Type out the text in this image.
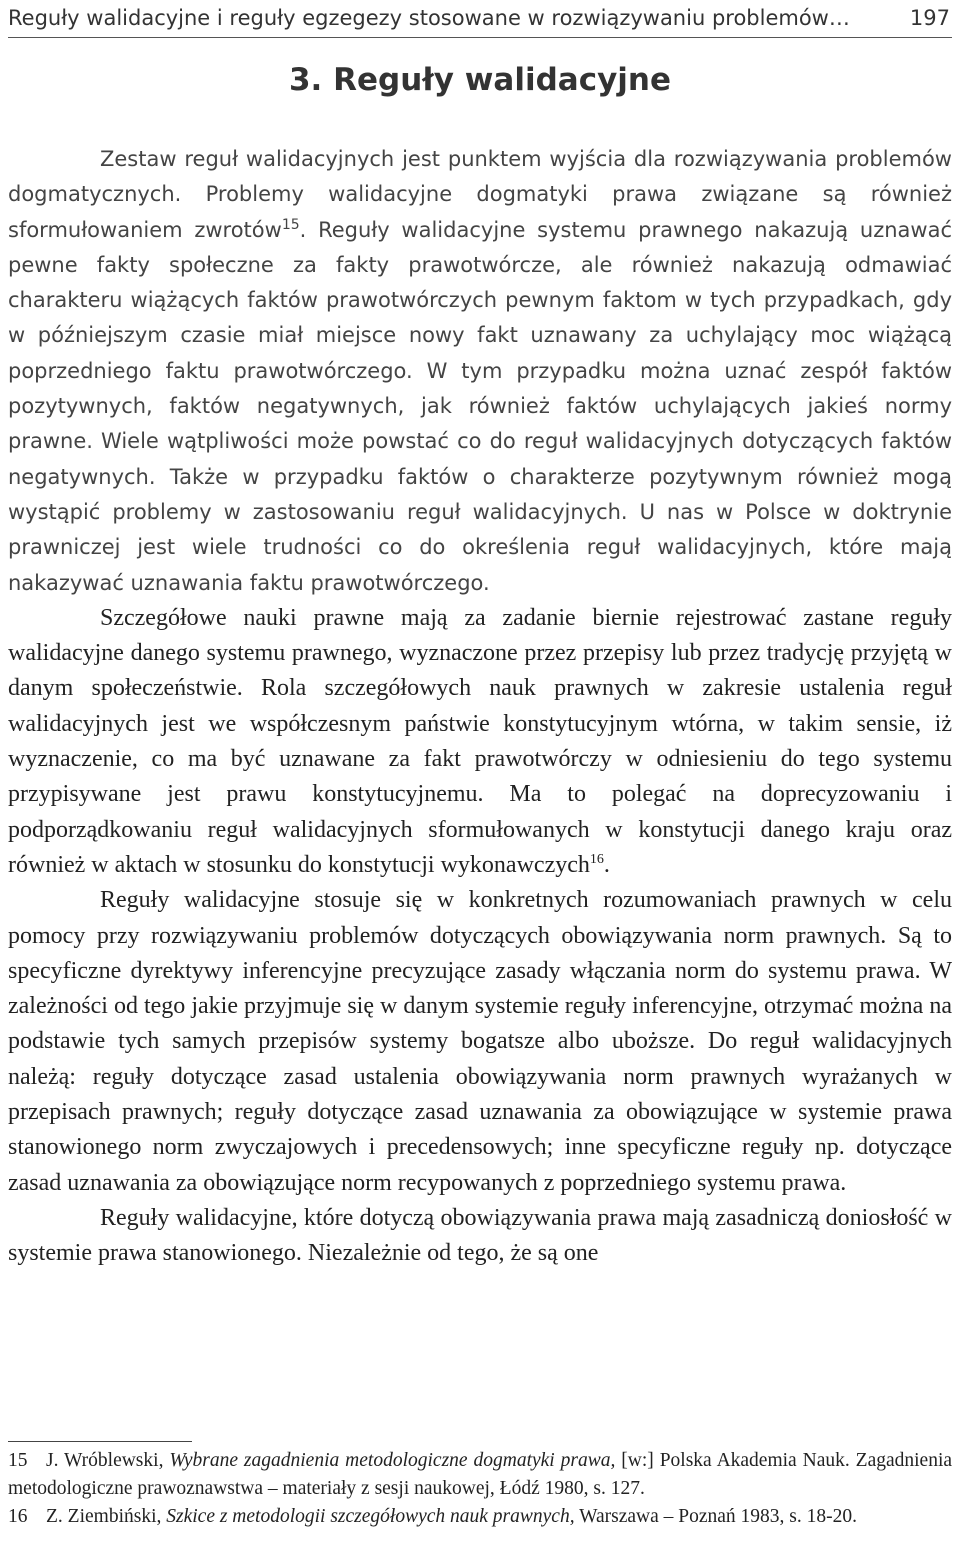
Reguły walidacyjne i reguły egzegezy stosowane w rozwiązywaniu problemów…	197
3. Reguły walidacyjne

Zestaw reguł walidacyjnych jest punktem wyjścia dla rozwiązywania problemów dogmatycznych. Problemy walidacyjne dogmatyki prawa związane są również sformułowaniem zwrotów$^{15}$. Reguły walidacyjne systemu prawnego nakazują uznawać pewne fakty społeczne za fakty prawotwórcze, ale również nakazują odmawiać charakteru wiążących faktów prawotwórczych pewnym faktom w tych przypadkach, gdy w późniejszym czasie miał miejsce nowy fakt uznawany za uchylający moc wiążącą poprzedniego faktu prawotwórczego. W tym przypadku można uznać zespół faktów pozytywnych, faktów negatywnych, jak również faktów uchylających jakieś normy prawne. Wiele wątpliwości może powstać co do reguł walidacyjnych dotyczących faktów negatywnych. Także w przypadku faktów o charakterze pozytywnym również mogą wystąpić problemy w zastosowaniu reguł walidacyjnych. U nas w Polsce w doktrynie prawniczej jest wiele trudności co do określenia reguł walidacyjnych, które mają nakazywać uznawania faktu prawotwórczego.

Szczegółowe nauki prawne mają za zadanie biernie rejestrować zastane reguły walidacyjne danego systemu prawnego, wyznaczone przez przepisy lub przez tradycję przyjętą w danym społeczeństwie. Rola szczegółowych nauk prawnych w zakresie ustalenia reguł walidacyjnych jest we współczesnym państwie konstytucyjnym wtórna, w takim sensie, iż wyznaczenie, co ma być uznawane za fakt prawotwórczy w odniesieniu do tego systemu przypisywane jest prawu konstytucyjnemu. Ma to polegać na doprecyzowaniu i podporządkowaniu reguł walidacyjnych sformułowanych w konstytucji danego kraju oraz również w aktach w stosunku do konstytucji wykonawczych$^{16}$.

Reguły walidacyjne stosuje się w konkretnych rozumowaniach prawnych w celu pomocy przy rozwiązywaniu problemów dotyczących obowiązywania norm prawnych. Są to specyficzne dyrektywy inferencyjne precyzujące zasady włączania norm do systemu prawa. W zależności od tego jakie przyjmuje się w danym systemie reguły inferencyjne, otrzymać można na podstawie tych samych przepisów systemy bogatsze albo uboższe. Do reguł walidacyjnych należą: reguły dotyczące zasad ustalenia obowiązywania norm prawnych wyrażanych w przepisach prawnych; reguły dotyczące zasad uznawania za obowiązujące w systemie prawa stanowionego norm zwyczajowych i precedensowych; inne specyficzne reguły np. dotyczące zasad uznawania za obowiązujące norm recypowanych z poprzedniego systemu prawa.

Reguły walidacyjne, które dotyczą obowiązywania prawa mają zasadniczą doniosłość w systemie prawa stanowionego. Niezależnie od tego, że są one

15 J. Wróblewski, Wybrane zagadnienia metodologiczne dogmatyki prawa, [w:] Polska Akademia Nauk. Zagadnienia metodologiczne prawoznawstwa – materiały z sesji naukowej, Łódź 1980, s. 127.

16 Z. Ziembiński, Szkice z metodologii szczegółowych nauk prawnych, Warszawa – Poznań 1983, s. 18-20.
